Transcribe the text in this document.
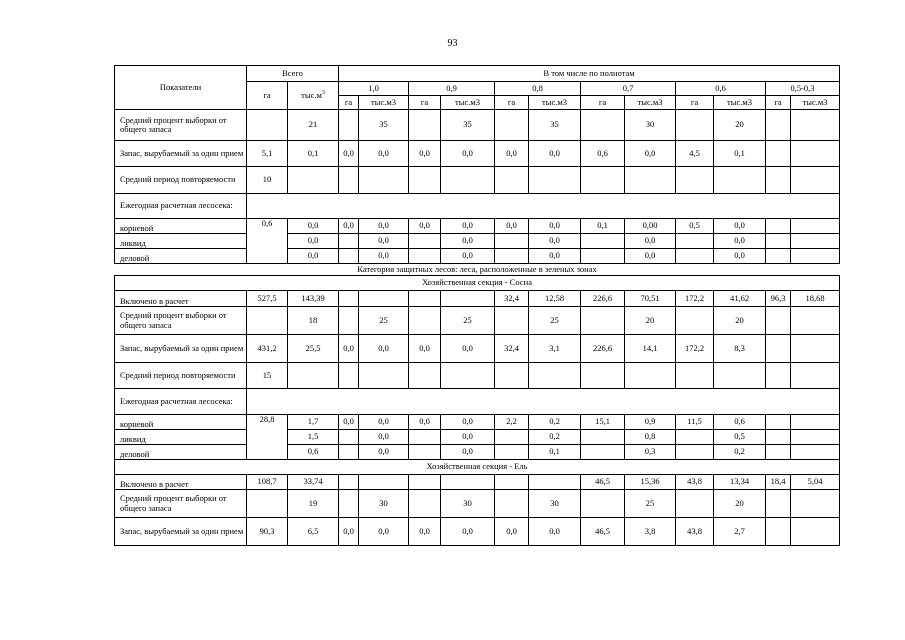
93
Показатели	Всего		В том числе по полнотам											
	га	$тыс.м^3$	1,0		0,9		0,8		0,7		0,6		0,5-0,3	
			га	тыс.м3	га	тыс.м3	га	тыс.м3	га	тыс.м3	га	тыс.м3	га	тыс.м3
Средний процент выборки от общего запаса		21		35		35		35		30		20		
Запас, вырубаемый за один прием	5,1	0,1	0,0	0,0	0,0	0,0	0,0	0,0	0,6	0,0	4,5	0,1		
Средний период повторяемости	10													
Ежегодная расчетная лесосека:														
корневой	0,6	0,0	0,0	0,0	0,0	0,0	0,0	0,0	0,1	0,00	0,5	0,0		
ликвид		0,0		0,0		0,0		0,0		0,0		0,0		
деловой		0,0		0,0		0,0		0,0		0,0		0,0		
Категория защитных лесов: леса, расположенные в зеленых зонах														
Хозяйственная секция - Сосна														
Включено в расчет	527,5	143,39					32,4	12,58	226,6	70,51	172,2	41,62	96,3	18,68
Средний процент выборки от общего запаса		18		25		25		25		20		20		
Запас, вырубаемый за один прием	431,2	25,5	0,0	0,0	0,0	0,0	32,4	3,1	226,6	14,1	172,2	8,3		
Средний период повторяемости	15													
Ежегодная расчетная лесосека:														
корневой	28,8	1,7	0,0	0,0	0,0	0,0	2,2	0,2	15,1	0,9	11,5	0,6		
ликвид		1,5		0,0		0,0		0,2		0,8		0,5		
деловой		0,6		0,0		0,0		0,1		0,3		0,2		
Хозяйственная секция - Ель														
Включено в расчет	108,7	33,74							46,5	15,36	43,8	13,34	18,4	5,04
Средний процент выборки от общего запаса		19		30		30		30		25		20		
Запас, вырубаемый за один прием	90,3	6,5	0,0	0,0	0,0	0,0	0,0	0,0	46,5	3,8	43,8	2,7		
